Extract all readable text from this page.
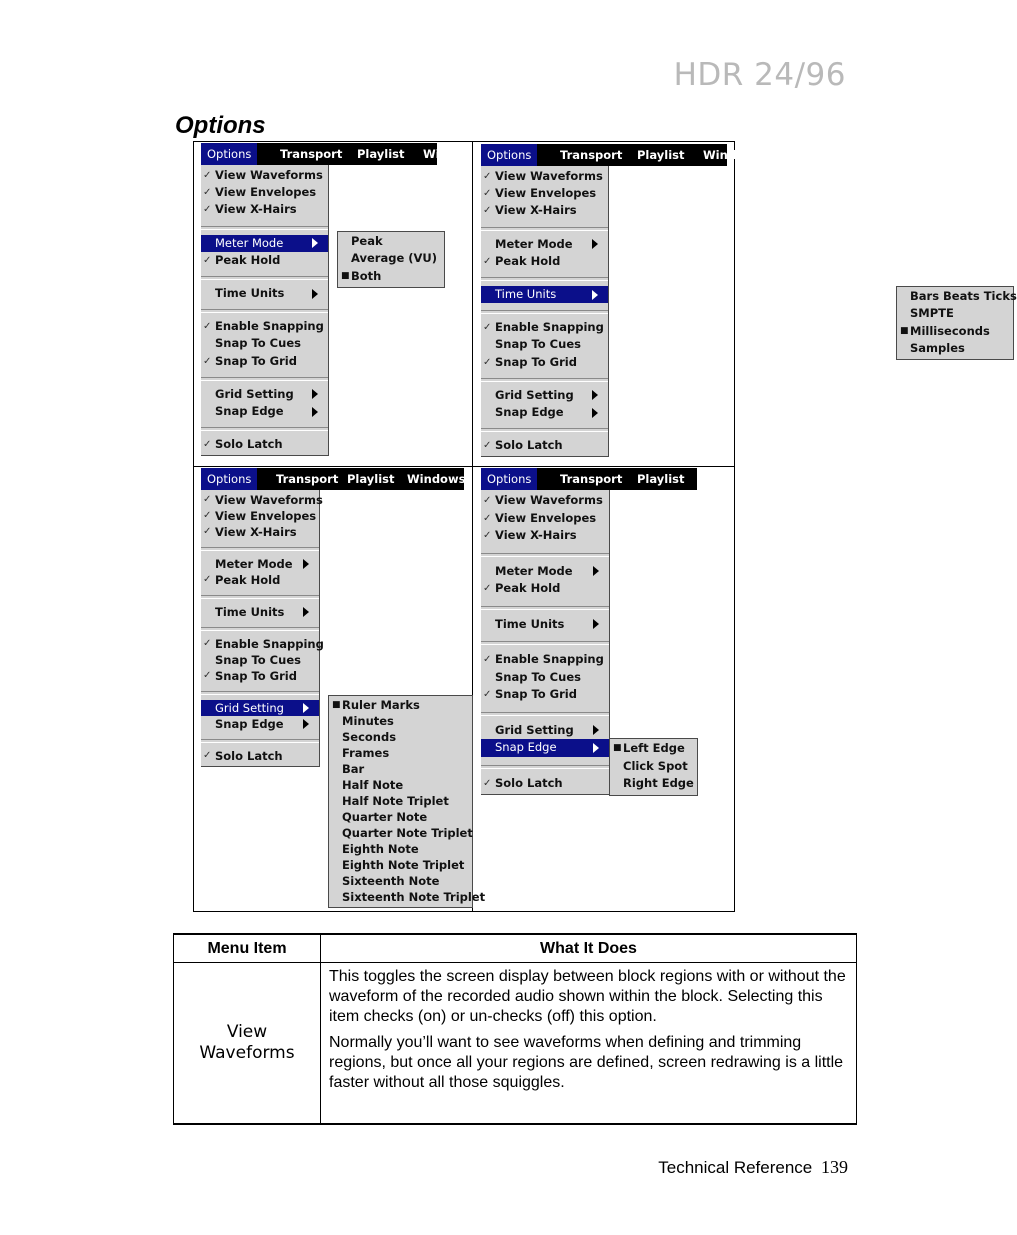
HDR 24/96
Options
Options	Transport	Playlist	Wi
✓ View Waveforms
✓ View Envelopes
✓ View X-Hairs
Meter Mode
✓ Peak Hold
Time Units
✓ Enable Snapping
Snap To Cues
✓ Snap To Grid
Grid Setting
Snap Edge
✓ Solo Latch
Peak
Average (VU)
■ Both
Options	Transport	Playlist	Wind
✓ View Waveforms
✓ View Envelopes
✓ View X-Hairs
Meter Mode
✓ Peak Hold
Time Units
✓ Enable Snapping
Snap To Cues
✓ Snap To Grid
Grid Setting
Snap Edge
✓ Solo Latch
Bars Beats Ticks
SMPTE
■ Milliseconds
Samples
Options	Transport Playlist	Windows
✓ View Waveforms
✓ View Envelopes
✓ View X-Hairs
Meter Mode
✓ Peak Hold
Time Units
✓ Enable Snapping
Snap To Cues
✓ Snap To Grid
Grid Setting
Snap Edge
✓ Solo Latch
■ Ruler Marks
Minutes
Seconds
Frames
Bar
Half Note
Half Note Triplet
Quarter Note
Quarter Note Triplet
Eighth Note
Eighth Note Triplet
Sixteenth Note
Sixteenth Note Triplet
Options	Transport	Playlist
✓ View Waveforms
✓ View Envelopes
✓ View X-Hairs
Meter Mode
✓ Peak Hold
Time Units
✓ Enable Snapping
Snap To Cues
✓ Snap To Grid
Grid Setting
Snap Edge
✓ Solo Latch
■ Left Edge
Click Spot
Right Edge
Menu Item	What It Does
View Waveforms	This toggles the screen display between block regions with or without the waveform of the recorded audio shown within the block. Selecting this item checks (on) or un-checks (off) this option.

Normally you’ll want to see waveforms when defining and trimming regions, but once all your regions are defined, screen redrawing is a little faster without all those squiggles.

Technical Reference 139
